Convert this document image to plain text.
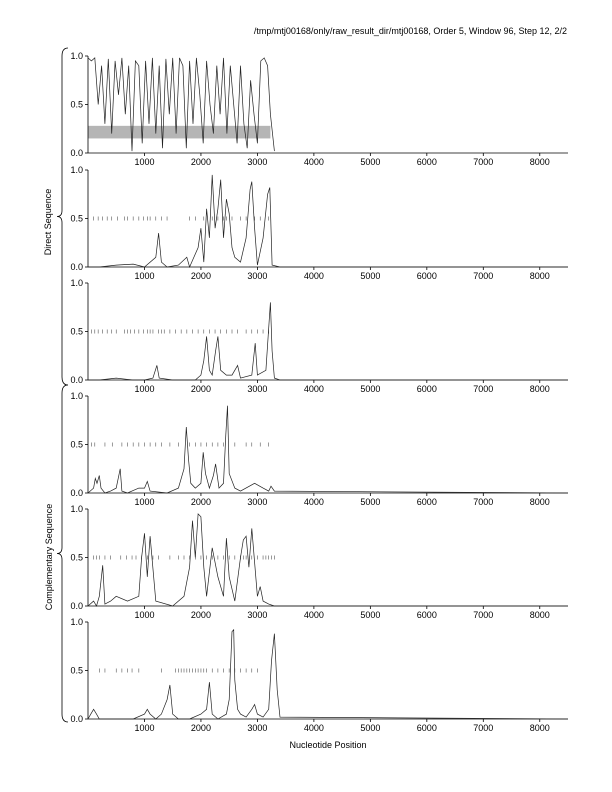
/tmp/mtj00168/only/raw_result_dir/mtj00168, Order 5, Window 96, Step 12, 2/2
0.0
0.5
1.0
1000	2000	3000	4000	5000	6000	7000	8000
0.0
0.5
1.0
1000	2000	3000	4000	5000	6000	7000	8000
0.0
0.5
1.0
1000	2000	3000	4000	5000	6000	7000	8000
0.0
0.5
1.0
1000	2000	3000	4000	5000	6000	7000	8000
0.0
0.5
1.0
1000	2000	3000	4000	5000	6000	7000	8000
0.0
0.5
1.0
1000	2000	3000	4000	5000	6000	7000	8000
Direct Sequence
Complementary Sequence
Nucleotide Position
